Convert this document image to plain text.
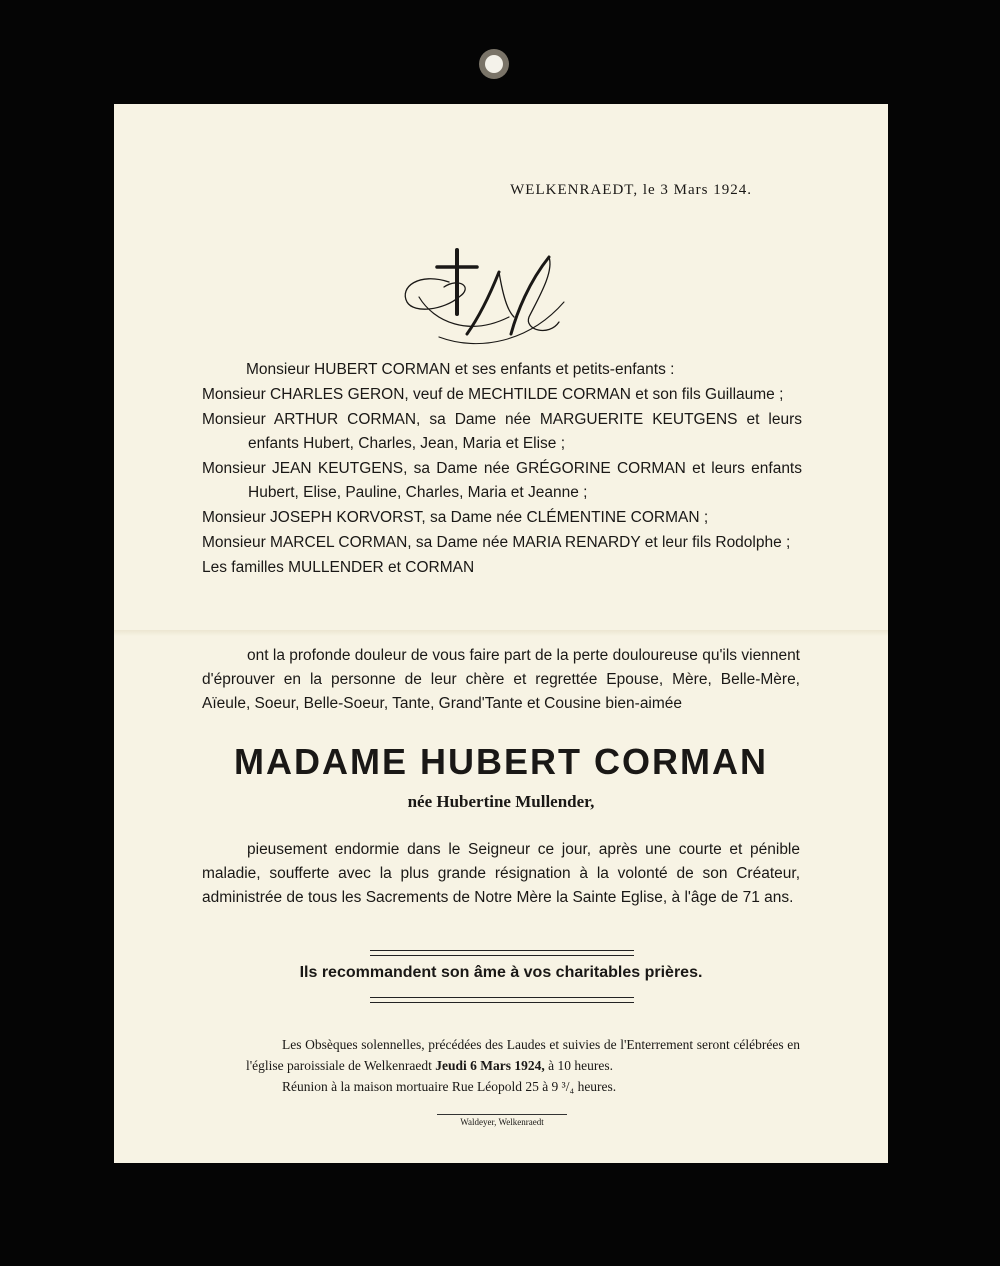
WELKENRAEDT, le 3 Mars 1924.

Monsieur HUBERT CORMAN et ses enfants et petits-enfants :

Monsieur CHARLES GERON, veuf de MECHTILDE CORMAN et son fils Guillaume ;

Monsieur ARTHUR CORMAN, sa Dame née MARGUERITE KEUTGENS et leurs enfants Hubert, Charles, Jean, Maria et Elise ;

Monsieur JEAN KEUTGENS, sa Dame née GRÉGORINE CORMAN et leurs enfants Hubert, Elise, Pauline, Charles, Maria et Jeanne ;

Monsieur JOSEPH KORVORST, sa Dame née CLÉMENTINE CORMAN ;

Monsieur MARCEL CORMAN, sa Dame née MARIA RENARDY et leur fils Rodolphe ;

Les familles MULLENDER et CORMAN

ont la profonde douleur de vous faire part de la perte douloureuse qu'ils viennent d'éprouver en la personne de leur chère et regrettée Epouse, Mère, Belle-Mère, Aïeule, Soeur, Belle-Soeur, Tante, Grand'Tante et Cousine bien-aimée
MADAME HUBERT CORMAN
née Hubertine Mullender,
pieusement endormie dans le Seigneur ce jour, après une courte et pénible maladie, soufferte avec la plus grande résignation à la volonté de son Créateur, administrée de tous les Sacrements de Notre Mère la Sainte Eglise, à l'âge de 71 ans.
Ils recommandent son âme à vos charitables prières.
Les Obsèques solennelles, précédées des Laudes et suivies de l'Enterrement seront célébrées en l'église paroissiale de Welkenraedt Jeudi 6 Mars 1924, à 10 heures.
Réunion à la maison mortuaire Rue Léopold 25 à 9 ³/₄ heures.
Waldeyer, Welkenraedt
